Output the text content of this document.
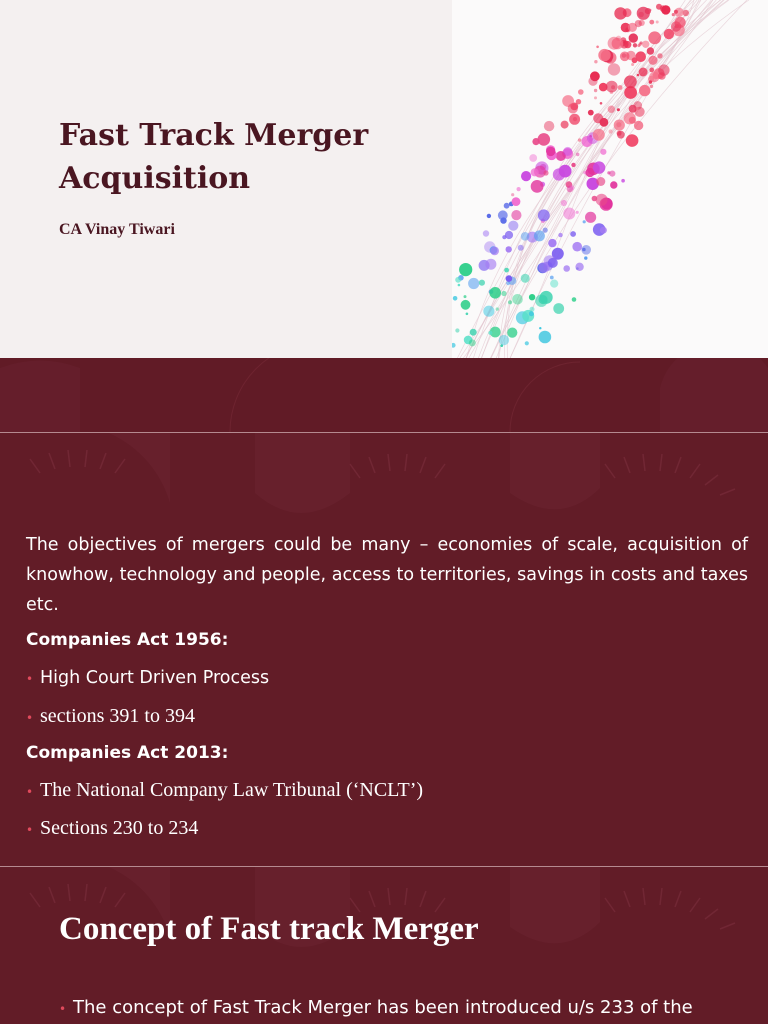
Fast Track Merger
Acquisition
CA Vinay Tiwari

The objectives of mergers could be many – economies of scale, acquisition of knowhow, technology and people, access to territories, savings in costs and taxes etc.

Companies Act 1956:
• High Court Driven Process
• sections 391 to 394
Companies Act 2013:
• The National Company Law Tribunal (‘NCLT’)
• Sections 230 to 234
Concept of Fast track Merger
• The concept of Fast Track Merger has been introduced u/s 233 of the
